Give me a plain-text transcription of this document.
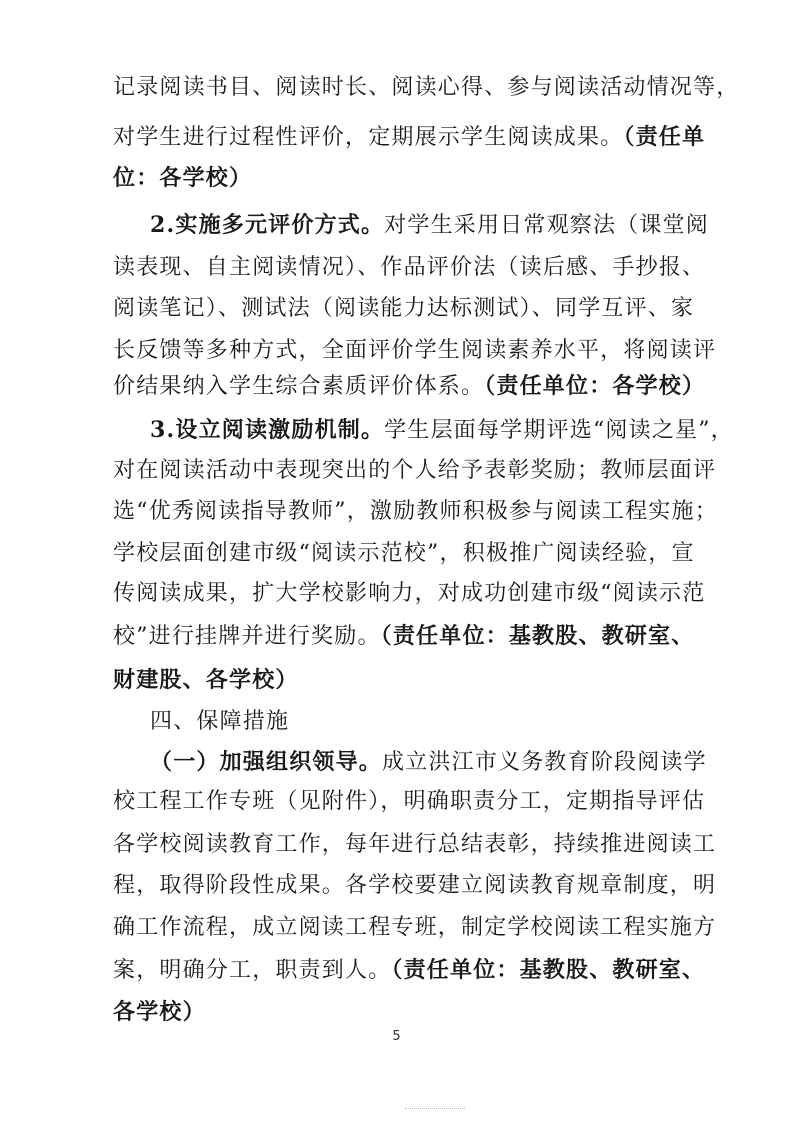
记录阅读书目、阅读时长、阅读心得、参与阅读活动情况等，
对学生进行过程性评价，定期展示学生阅读成果。（责任单
位：各学校）
2.实施多元评价方式。对学生采用日常观察法（课堂阅
读表现、自主阅读情况）、作品评价法（读后感、手抄报、
阅读笔记）、测试法（阅读能力达标测试）、同学互评、家
长反馈等多种方式，全面评价学生阅读素养水平，将阅读评
价结果纳入学生综合素质评价体系。（责任单位：各学校）
3.设立阅读激励机制。学生层面每学期评选“阅读之星”，
对在阅读活动中表现突出的个人给予表彰奖励；教师层面评
选“优秀阅读指导教师”，激励教师积极参与阅读工程实施；
学校层面创建市级“阅读示范校”，积极推广阅读经验，宣
传阅读成果，扩大学校影响力，对成功创建市级“阅读示范
校”进行挂牌并进行奖励。（责任单位：基教股、教研室、
财建股、各学校）
四、保障措施
（一）加强组织领导。成立洪江市义务教育阶段阅读学
校工程工作专班（见附件），明确职责分工，定期指导评估
各学校阅读教育工作，每年进行总结表彰，持续推进阅读工
程，取得阶段性成果。各学校要建立阅读教育规章制度，明
确工作流程，成立阅读工程专班，制定学校阅读工程实施方
案，明确分工，职责到人。（责任单位：基教股、教研室、
各学校）
5
